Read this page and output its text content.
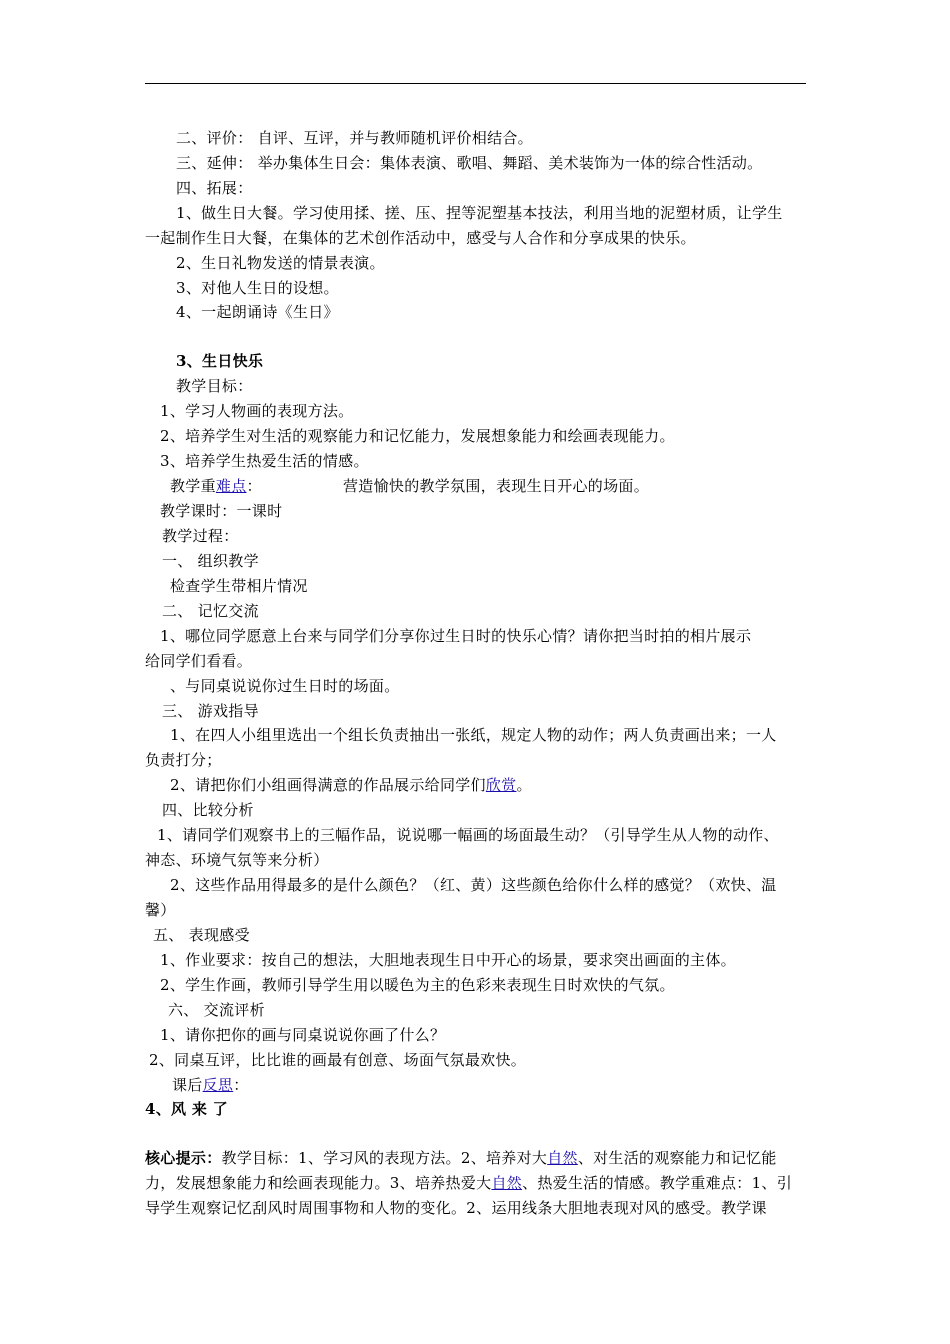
二、评价： 自评、互评，并与教师随机评价相结合。
三、延伸： 举办集体生日会：集体表演、歌唱、舞蹈、美术装饰为一体的综合性活动。
四、拓展：
1、做生日大餐。学习使用揉、搓、压、捏等泥塑基本技法，利用当地的泥塑材质，让学生
一起制作生日大餐，在集体的艺术创作活动中，感受与人合作和分享成果的快乐。
2、生日礼物发送的情景表演。
3、对他人生日的设想。
4、一起朗诵诗《生日》
3、生日快乐
教学目标：
1、学习人物画的表现方法。
2、培养学生对生活的观察能力和记忆能力，发展想象能力和绘画表现能力。
3、培养学生热爱生活的情感。
教学重难点：	营造愉快的教学氛围，表现生日开心的场面。
教学课时：一课时
教学过程：
一、 组织教学
检查学生带相片情况
二、 记忆交流
1、哪位同学愿意上台来与同学们分享你过生日时的快乐心情？请你把当时拍的相片展示
给同学们看看。
、与同桌说说你过生日时的场面。
三、 游戏指导
1、在四人小组里选出一个组长负责抽出一张纸，规定人物的动作；两人负责画出来；一人
负责打分；
2、请把你们小组画得满意的作品展示给同学们欣赏。
四、比较分析
1、请同学们观察书上的三幅作品，说说哪一幅画的场面最生动？（引导学生从人物的动作、
神态、环境气氛等来分析）
2、这些作品用得最多的是什么颜色？（红、黄）这些颜色给你什么样的感觉？（欢快、温
馨）
五、 表现感受
1、作业要求：按自己的想法，大胆地表现生日中开心的场景，要求突出画面的主体。
2、学生作画，教师引导学生用以暖色为主的色彩来表现生日时欢快的气氛。
六、 交流评析
1、请你把你的画与同桌说说你画了什么？
2、同桌互评，比比谁的画最有创意、场面气氛最欢快。
课后反思：
4、风 来 了
核心提示：教学目标：1、学习风的表现方法。2、培养对大自然、对生活的观察能力和记忆能
力，发展想象能力和绘画表现能力。3、培养热爱大自然、热爱生活的情感。教学重难点：1、引
导学生观察记忆刮风时周围事物和人物的变化。2、运用线条大胆地表现对风的感受。教学课
